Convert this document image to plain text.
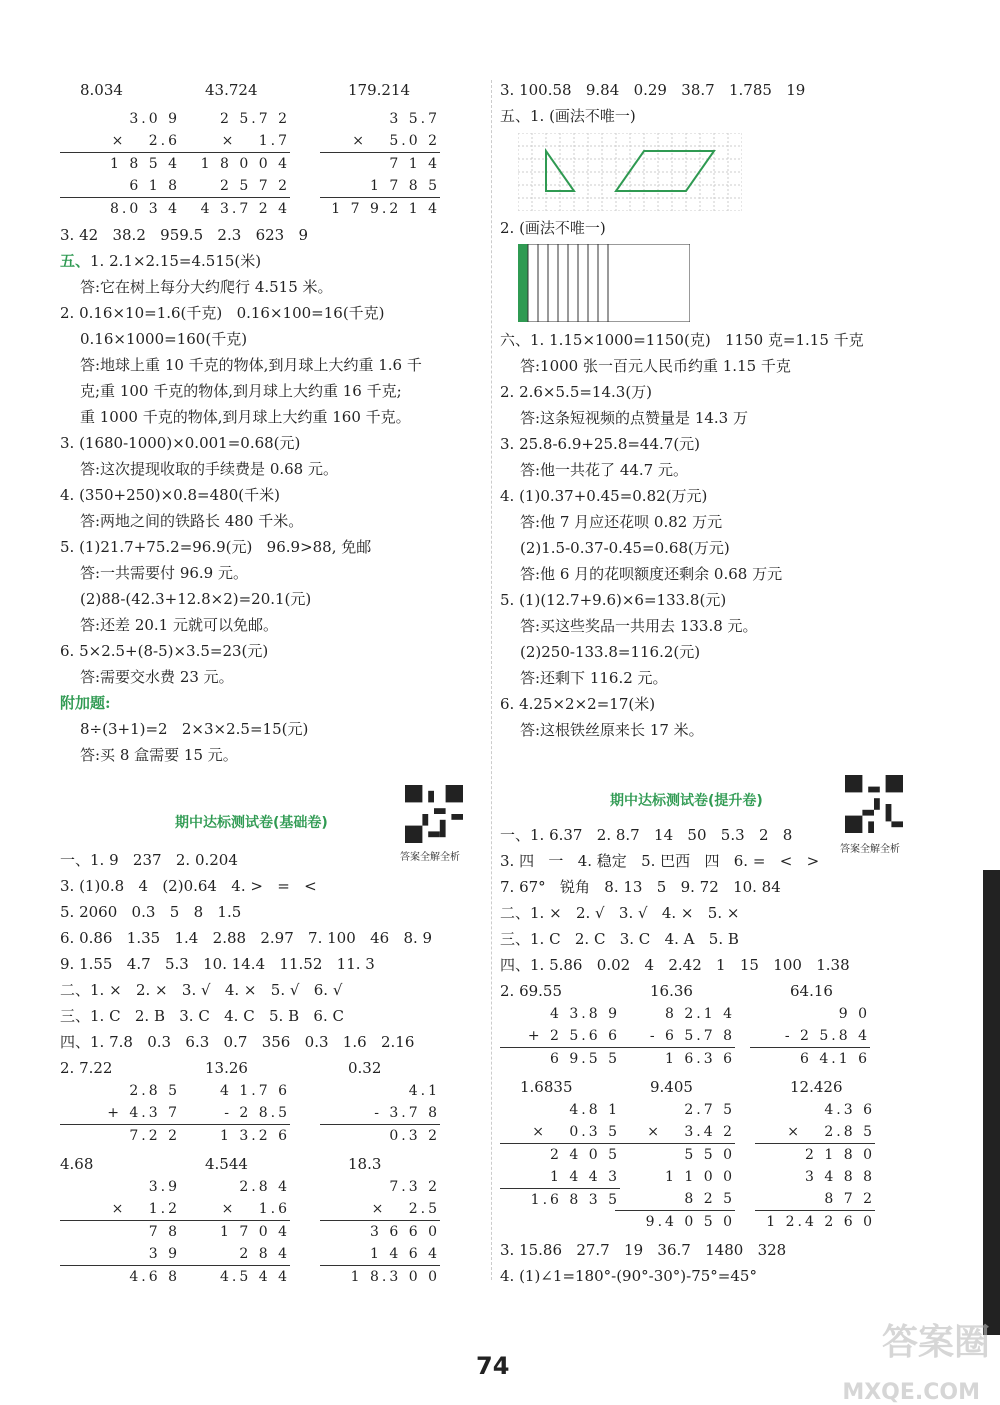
8.034	43.724	179.214
3.0 9
×   2.6
1 8 5 4
6 1 8
8.0 3 4
2 5.7 2
×   1.7
1 8 0 0 4
2 5 7 2
4 3.7 2 4
3 5.7
×   5.0 2
7 1 4
1 7 8 5
1 7 9.2 1 4
3. 42   38.2   959.5   2.3   623   9
五、1. 2.1×2.15=4.515(米)
答:它在树上每分大约爬行 4.515 米。
2. 0.16×10=1.6(千克)   0.16×100=16(千克)
0.16×1000=160(千克)
答:地球上重 10 千克的物体,到月球上大约重 1.6 千
克;重 100 千克的物体,到月球上大约重 16 千克;
重 1000 千克的物体,到月球上大约重 160 千克。
3. (1680-1000)×0.001=0.68(元)
答:这次提现收取的手续费是 0.68 元。
4. (350+250)×0.8=480(千米)
答:两地之间的铁路长 480 千米。
5. (1)21.7+75.2=96.9(元)   96.9>88, 免邮
答:一共需要付 96.9 元。
(2)88-(42.3+12.8×2)=20.1(元)
答:还差 20.1 元就可以免邮。
6. 5×2.5+(8-5)×3.5=23(元)
答:需要交水费 23 元。
附加题:
8÷(3+1)=2   2×3×2.5=15(元)
答:买 8 盒需要 15 元。
期中达标测试卷(基础卷)
答案全解全析
一、1. 9   237   2. 0.204
3. (1)0.8   4   (2)0.64   4. >   =   <
5. 2060   0.3   5   8   1.5
6. 0.86   1.35   1.4   2.88   2.97   7. 100   46   8. 9
9. 1.55   4.7   5.3   10. 14.4   11.52   11. 3
二、1. ×   2. ×   3. √   4. ×   5. √   6. √
三、1. C   2. B   3. C   4. C   5. B   6. C
四、1. 7.8   0.3   6.3   0.7   356   0.3   1.6   2.16
2. 7.22	13.26	0.32
2.8 5
+ 4.3 7
7.2 2
4 1.7 6
- 2 8.5
1 3.2 6
4.1
- 3.7 8
0.3 2
4.68	4.544	18.3
3.9
×   1.2
7 8
3 9
4.6 8
2.8 4
×   1.6
1 7 0 4
2 8 4
4.5 4 4
7.3 2
×   2.5
3 6 6 0
1 4 6 4
1 8.3 0 0
3. 100.58   9.84   0.29   38.7   1.785   19
五、1. (画法不唯一)
2. (画法不唯一)
六、1. 1.15×1000=1150(克)   1150 克=1.15 千克
答:1000 张一百元人民币约重 1.15 千克
2. 2.6×5.5=14.3(万)
答:这条短视频的点赞量是 14.3 万
3. 25.8-6.9+25.8=44.7(元)
答:他一共花了 44.7 元。
4. (1)0.37+0.45=0.82(万元)
答:他 7 月应还花呗 0.82 万元
(2)1.5-0.37-0.45=0.68(万元)
答:他 6 月的花呗额度还剩余 0.68 万元
5. (1)(12.7+9.6)×6=133.8(元)
答:买这些奖品一共用去 133.8 元。
(2)250-133.8=116.2(元)
答:还剩下 116.2 元。
6. 4.25×2×2=17(米)
答:这根铁丝原来长 17 米。
期中达标测试卷(提升卷)
答案全解全析
一、1. 6.37   2. 8.7   14   50   5.3   2   8
3. 四   一   4. 稳定   5. 巴西   四   6. =   <   >
7. 67°   锐角   8. 13   5   9. 72   10. 84
二、1. ×   2. √   3. √   4. ×   5. ×
三、1. C   2. C   3. C   4. A   5. B
四、1. 5.86   0.02   4   2.42   1   15   100   1.38
2. 69.55	16.36	64.16
4 3.8 9
+ 2 5.6 6
6 9.5 5
8 2.1 4
- 6 5.7 8
1 6.3 6
9 0
- 2 5.8 4
6 4.1 6
1.6835	9.405	12.426
4.8 1
×   0.3 5
2 4 0 5
1 4 4 3
1.6 8 3 5
2.7 5
×   3.4 2
5 5 0
1 1 0 0
8 2 5
9.4 0 5 0
4.3 6
×   2.8 5
2 1 8 0
3 4 8 8
8 7 2
1 2.4 2 6 0
3. 15.86   27.7   19   36.7   1480   328
4. (1)∠1=180°-(90°-30°)-75°=45°
74
答案圈
MXQE.COM
